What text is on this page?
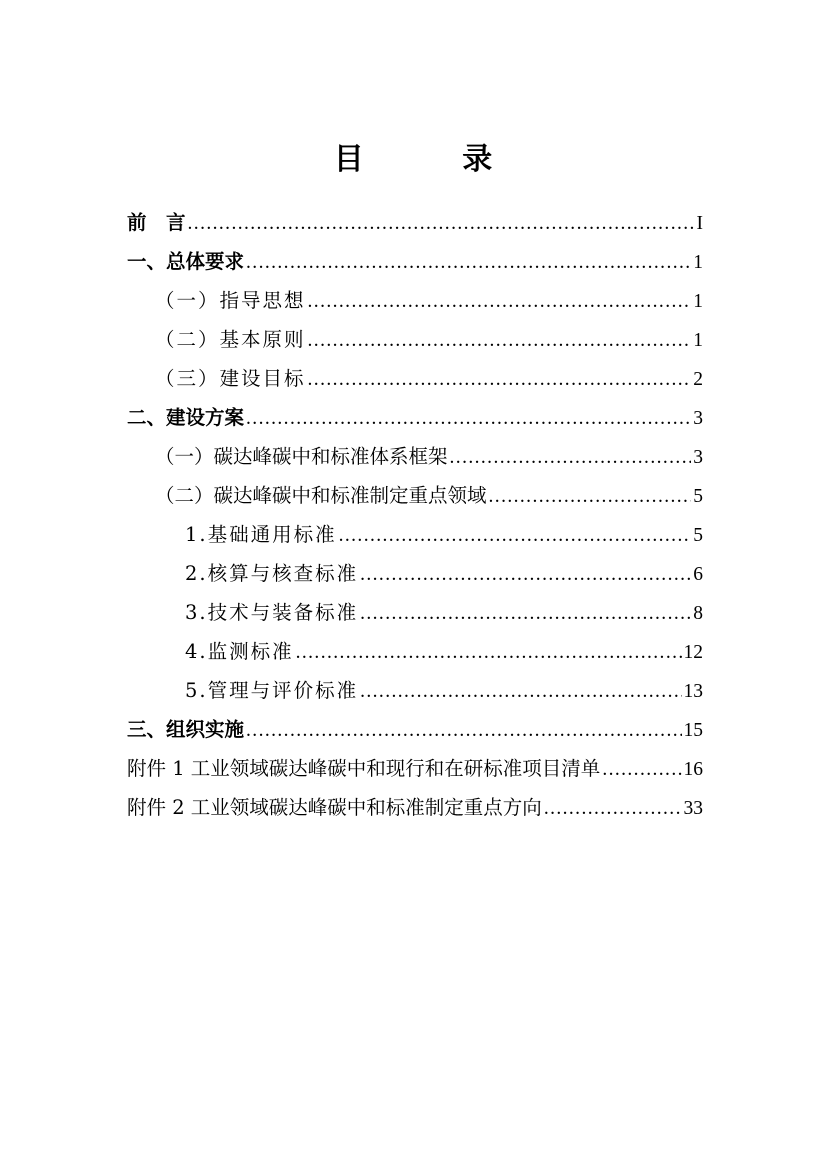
目 录
前　言 .....	I
一、总体要求 .....	1
（一）指导思想 .....	1
（二）基本原则 .....	1
（三）建设目标 .....	2
二、建设方案 .....	3
（一）碳达峰碳中和标准体系框架 .....	3
（二）碳达峰碳中和标准制定重点领域 .....	5
1.基础通用标准 .....	5
2.核算与核查标准 .....	6
3.技术与装备标准 .....	8
4.监测标准 .....	12
5.管理与评价标准 .....	13
三、组织实施 .....	15
附件 1 工业领域碳达峰碳中和现行和在研标准项目清单 .....	16
附件 2 工业领域碳达峰碳中和标准制定重点方向 .....	33
